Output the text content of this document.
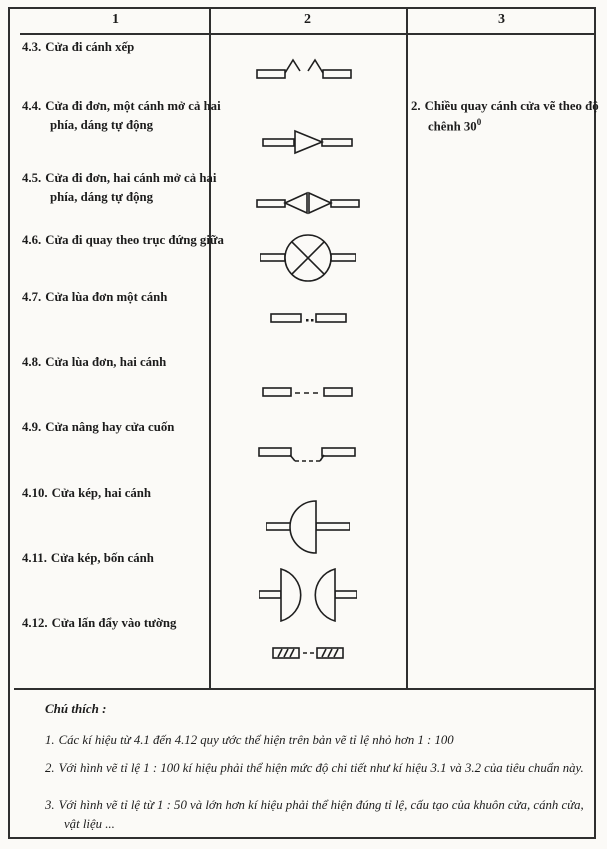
1	2	3
4.3. Cửa đi cánh xếp
4.4. Cửa đi đơn, một cánh mở cả hai phía, dáng tự động
4.5. Cửa đi đơn, hai cánh mở cả hai phía, dáng tự động
4.6. Cửa đi quay theo trục đứng giữa
4.7. Cửa lùa đơn một cánh
4.8. Cửa lùa đơn, hai cánh
4.9. Cửa nâng hay cửa cuốn
4.10. Cửa kép, hai cánh
4.11. Cửa kép, bốn cánh
4.12. Cửa lấn đẩy vào tường
2. Chiều quay cánh cửa vẽ theo độ chênh $30^0$
Chú thích :
1. Các kí hiệu từ 4.1 đến 4.12 quy ước thể hiện trên bản vẽ tỉ lệ nhỏ hơn 1 : 100
2. Với hình vẽ tỉ lệ 1 : 100 kí hiệu phải thể hiện mức độ chi tiết như kí hiệu 3.1 và 3.2 của tiêu chuẩn này.
3. Với hình vẽ tỉ lệ từ 1 : 50 và lớn hơn kí hiệu phải thể hiện đúng tỉ lệ, cấu tạo của khuôn cửa, cánh cửa, vật liệu ...
